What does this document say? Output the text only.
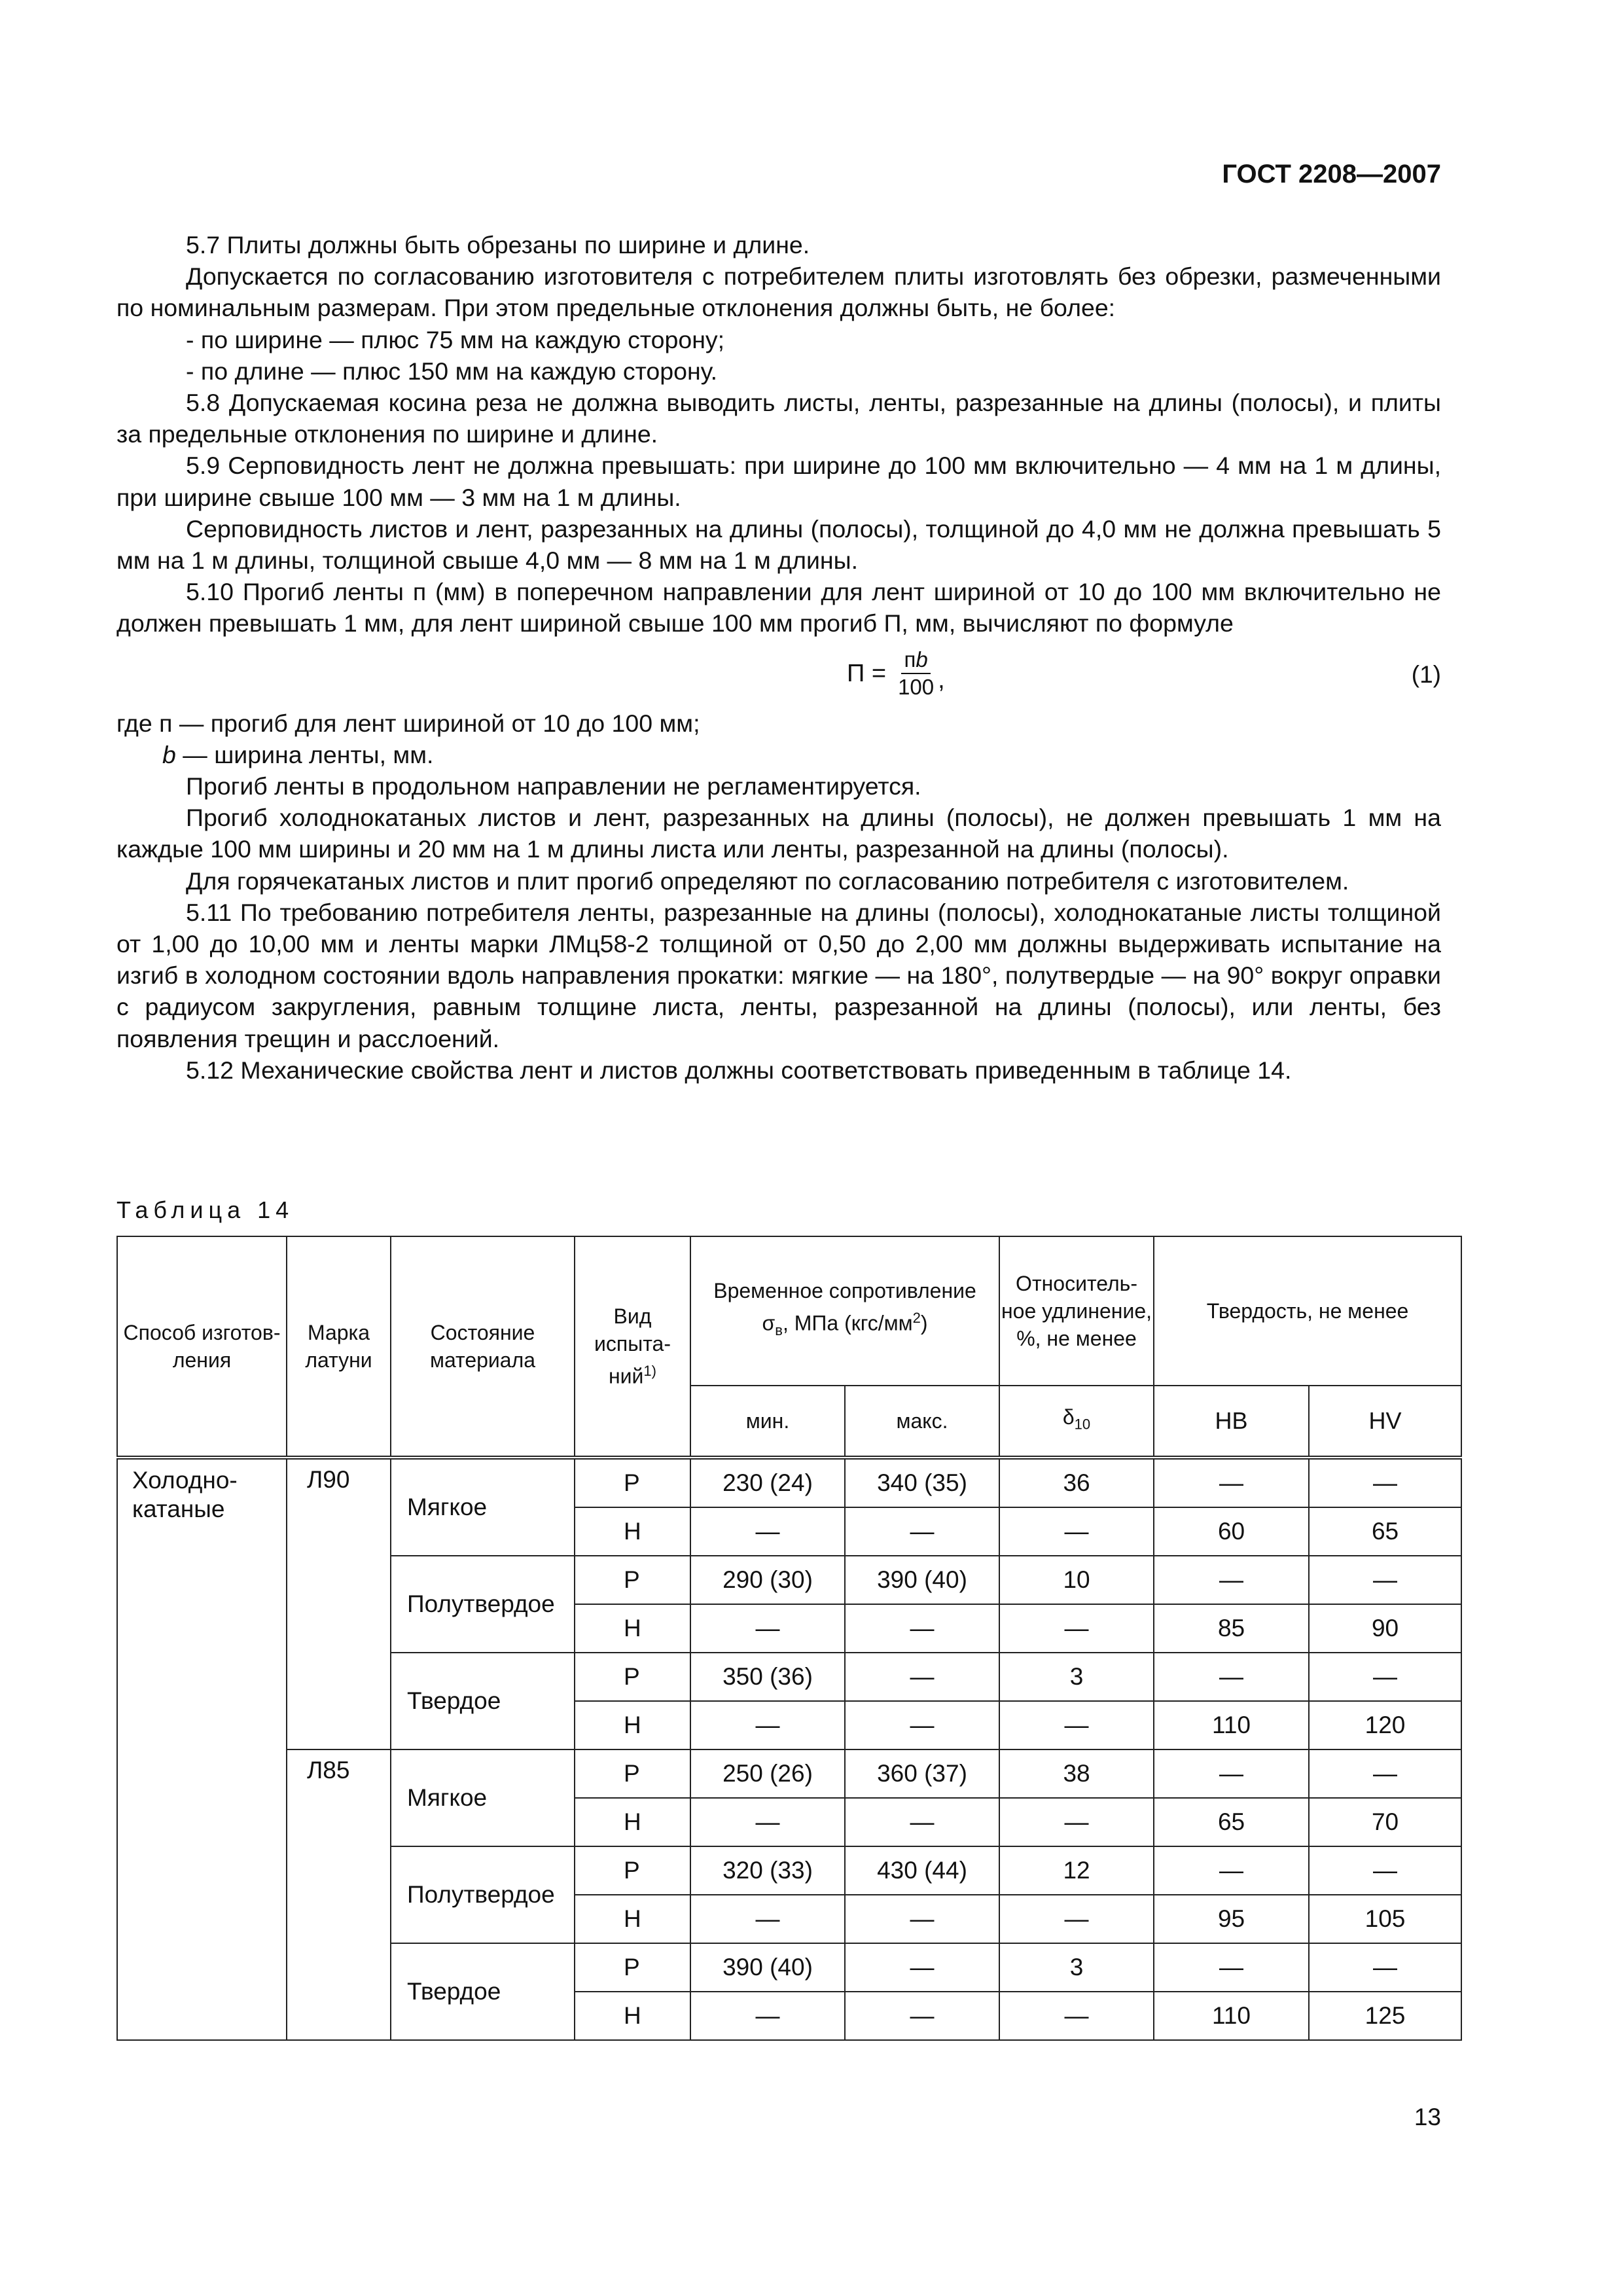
ГОСТ 2208—2007

5.7 Плиты должны быть обрезаны по ширине и длине.

Допускается по согласованию изготовителя с потребителем плиты изготовлять без обрезки, размеченными по номинальным размерам. При этом предельные отклонения должны быть, не более:

- по ширине — плюс 75 мм на каждую сторону;

- по длине — плюс 150 мм на каждую сторону.

5.8 Допускаемая косина реза не должна выводить листы, ленты, разрезанные на длины (полосы), и плиты за предельные отклонения по ширине и длине.

5.9 Серповидность лент не должна превышать: при ширине до 100 мм включительно — 4 мм на 1 м длины, при ширине свыше 100 мм — 3 мм на 1 м длины.

Серповидность листов и лент, разрезанных на длины (полосы), толщиной до 4,0 мм не должна превышать 5 мм на 1 м длины, толщиной свыше 4,0 мм — 8 мм на 1 м длины.

5.10 Прогиб ленты п (мм) в поперечном направлении для лент шириной от 10 до 100 мм включительно не должен превышать 1 мм, для лент шириной свыше 100 мм прогиб П, мм, вычисляют по формуле

$П = \frac{пb}{100}$ ,	(1)

где п — прогиб для лент шириной от 10 до 100 мм;

b — ширина ленты, мм.

Прогиб ленты в продольном направлении не регламентируется.

Прогиб холоднокатаных листов и лент, разрезанных на длины (полосы), не должен превышать 1 мм на каждые 100 мм ширины и 20 мм на 1 м длины листа или ленты, разрезанной на длины (полосы).

Для горячекатаных листов и плит прогиб определяют по согласованию потребителя с изготовителем.

5.11 По требованию потребителя ленты, разрезанные на длины (полосы), холоднокатаные листы толщиной от 1,00 до 10,00 мм и ленты марки ЛМц58-2 толщиной от 0,50 до 2,00 мм должны выдерживать испытание на изгиб в холодном состоянии вдоль направления прокатки: мягкие — на 180°, полутвердые — на 90° вокруг оправки с радиусом закругления, равным толщине листа, ленты, разрезанной на длины (полосы), или ленты, без появления трещин и расслоений.

5.12 Механические свойства лент и листов должны соответствовать приведенным в таблице 14.

Таблица 14
Способ изготов-ления	Марка латуни	Состояние материала	Вид испыта-ний$^{1)}$	Временное сопротивление
$\sigma_в$, МПа $(кгс/мм^2)$		Относитель-ное удлинение, %, не менее	Твердость, не менее	
				мин.	макс.	$\delta_{10}$	НВ	HV
Холодно-катаные	Л90	Мягкое	Р	230 (24)	340 (35)	36	—	—
			Н	—	—	—	60	65
		Полутвердое	Р	290 (30)	390 (40)	10	—	—
			Н	—	—	—	85	90
		Твердое	Р	350 (36)	—	3	—	—
			Н	—	—	—	110	120
	Л85	Мягкое	Р	250 (26)	360 (37)	38	—	—
			Н	—	—	—	65	70
		Полутвердое	Р	320 (33)	430 (44)	12	—	—
			Н	—	—	—	95	105
		Твердое	Р	390 (40)	—	3	—	—
			Н	—	—	—	110	125
13
